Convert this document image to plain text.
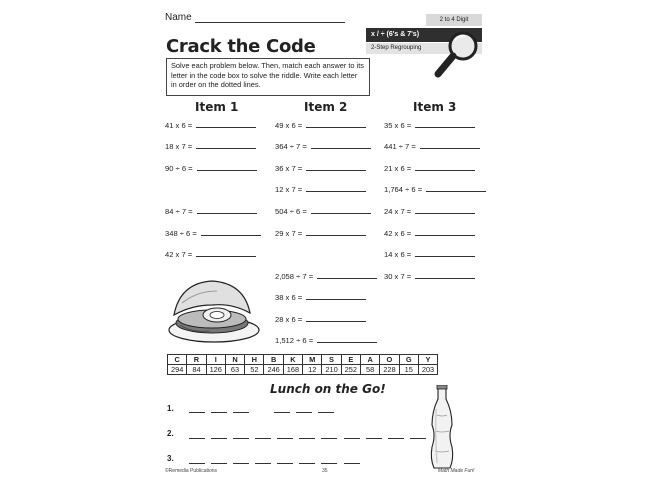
Name
Crack the Code
2 to 4 Digit
x / ÷ (6's & 7's)
2-Step Regrouping
Solve each problem below. Then, match each answer to its letter in the code box to solve the riddle. Write each letter in order on the dotted lines.
Item 1	Item 2	Item 3
41 x 6 =
18 x 7 =
90 ÷ 6 =
84 ÷ 7 =
348 ÷ 6 =
42 x 7 =
49 x 6 =
364 ÷ 7 =
36 x 7 =
12 x 7 =
504 ÷ 6 =
29 x 7 =
2,058 ÷ 7 =
38 x 6 =
28 x 6 =
1,512 ÷ 6 =
35 x 6 =
441 ÷ 7 =
21 x 6 =
1,764 ÷ 6 =
24 x 7 =
42 x 6 =
14 x 6 =
30 x 7 =
C	R	I	N	H	B	K	M	S	E	A	O	G	Y
294	84	126	63	52	246	168	12	210	252	58	228	15	203
Lunch on the Go!
1.
2.
3.
©Remedia Publications	35	Math Made Fun!
